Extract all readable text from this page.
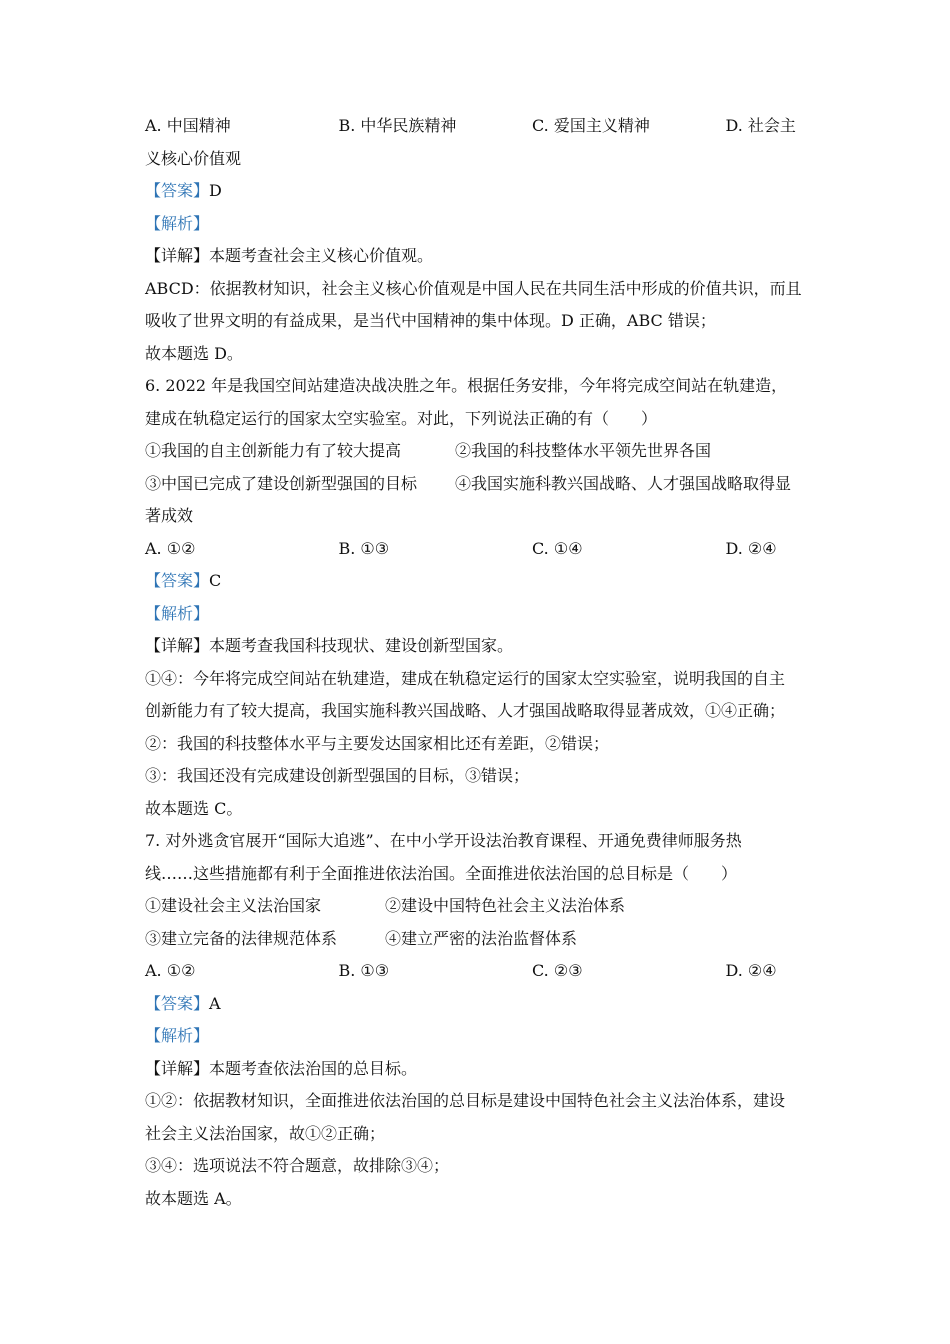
A. 中国精神	B. 中华民族精神	C. 爱国主义精神	D. 社会主
义核心价值观
【答案】D
【解析】
【详解】本题考查社会主义核心价值观。
ABCD：依据教材知识，社会主义核心价值观是中国人民在共同生活中形成的价值共识，而且
吸收了世界文明的有益成果，是当代中国精神的集中体现。D 正确，ABC 错误；
故本题选 D。
6. 2022 年是我国空间站建造决战决胜之年。根据任务安排，今年将完成空间站在轨建造，
建成在轨稳定运行的国家太空实验室。对此，下列说法正确的有（　　）
①我国的自主创新能力有了较大提高	②我国的科技整体水平领先世界各国
③中国已完成了建设创新型强国的目标	④我国实施科教兴国战略、人才强国战略取得显
著成效
A. ①②	B. ①③	C. ①④	D. ②④
【答案】C
【解析】
【详解】本题考查我国科技现状、建设创新型国家。
①④：今年将完成空间站在轨建造，建成在轨稳定运行的国家太空实验室，说明我国的自主
创新能力有了较大提高，我国实施科教兴国战略、人才强国战略取得显著成效，①④正确；
②：我国的科技整体水平与主要发达国家相比还有差距，②错误；
③：我国还没有完成建设创新型强国的目标，③错误；
故本题选 C。
7. 对外逃贪官展开“国际大追逃”、在中小学开设法治教育课程、开通免费律师服务热
线……这些措施都有利于全面推进依法治国。全面推进依法治国的总目标是（　　）
①建设社会主义法治国家	②建设中国特色社会主义法治体系
③建立完备的法律规范体系	④建立严密的法治监督体系
A. ①②	B. ①③	C. ②③	D. ②④
【答案】A
【解析】
【详解】本题考查依法治国的总目标。
①②：依据教材知识，全面推进依法治国的总目标是建设中国特色社会主义法治体系，建设
社会主义法治国家，故①②正确；
③④：选项说法不符合题意，故排除③④；
故本题选 A。
